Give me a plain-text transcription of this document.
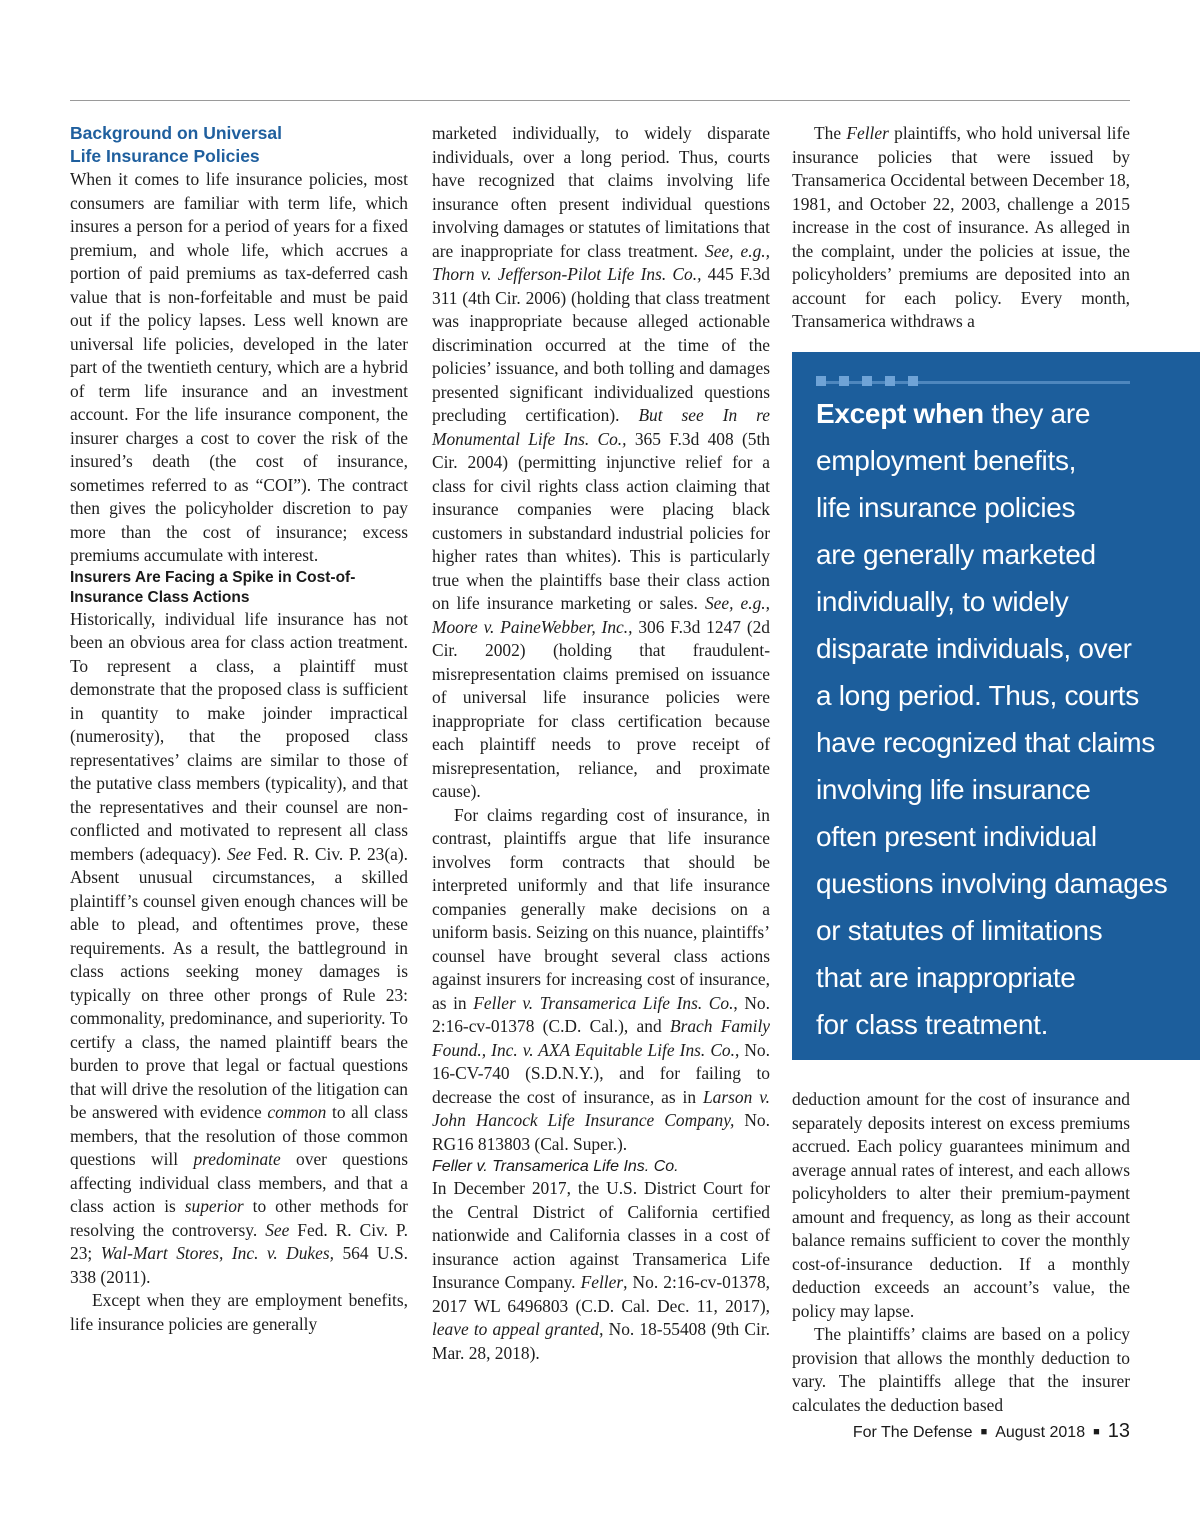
Background on Universal Life Insurance Policies

When it comes to life insurance policies, most consumers are familiar with term life, which insures a person for a period of years for a fixed premium, and whole life, which accrues a portion of paid premiums as tax-deferred cash value that is non-forfeitable and must be paid out if the policy lapses. Less well known are universal life policies, developed in the later part of the twentieth century, which are a hybrid of term life insurance and an investment account. For the life insurance component, the insurer charges a cost to cover the risk of the insured’s death (the cost of insurance, sometimes referred to as “COI”). The contract then gives the policyholder discretion to pay more than the cost of insurance; excess premiums accumulate with interest.

Insurers Are Facing a Spike in Cost-of-Insurance Class Actions

Historically, individual life insurance has not been an obvious area for class action treatment. To represent a class, a plaintiff must demonstrate that the proposed class is sufficient in quantity to make joinder impractical (numerosity), that the proposed class representatives’ claims are similar to those of the putative class members (typicality), and that the representatives and their counsel are non-conflicted and motivated to represent all class members (adequacy). See Fed. R. Civ. P. 23(a). Absent unusual circumstances, a skilled plaintiff’s counsel given enough chances will be able to plead, and oftentimes prove, these requirements. As a result, the battleground in class actions seeking money damages is typically on three other prongs of Rule 23: commonality, predominance, and superiority. To certify a class, the named plaintiff bears the burden to prove that legal or factual questions that will drive the resolution of the litigation can be answered with evidence common to all class members, that the resolution of those common questions will predominate over questions affecting individual class members, and that a class action is superior to other methods for resolving the controversy. See Fed. R. Civ. P. 23; Wal-Mart Stores, Inc. v. Dukes, 564 U.S. 338 (2011).

Except when they are employment benefits, life insurance policies are generally

marketed individually, to widely disparate individuals, over a long period. Thus, courts have recognized that claims involving life insurance often present individual questions involving damages or statutes of limitations that are inappropriate for class treatment. See, e.g., Thorn v. Jefferson-Pilot Life Ins. Co., 445 F.3d 311 (4th Cir. 2006) (holding that class treatment was inappropriate because alleged actionable discrimination occurred at the time of the policies’ issuance, and both tolling and damages presented significant individualized questions precluding certification). But see In re Monumental Life Ins. Co., 365 F.3d 408 (5th Cir. 2004) (permitting injunctive relief for a class for civil rights class action claiming that insurance companies were placing black customers in substandard industrial policies for higher rates than whites). This is particularly true when the plaintiffs base their class action on life insurance marketing or sales. See, e.g., Moore v. PaineWebber, Inc., 306 F.3d 1247 (2d Cir. 2002) (holding that fraudulent-misrepresentation claims premised on issuance of universal life insurance policies were inappropriate for class certification because each plaintiff needs to prove receipt of misrepresentation, reliance, and proximate cause).

For claims regarding cost of insurance, in contrast, plaintiffs argue that life insurance involves form contracts that should be interpreted uniformly and that life insurance companies generally make decisions on a uniform basis. Seizing on this nuance, plaintiffs’ counsel have brought several class actions against insurers for increasing cost of insurance, as in Feller v. Transamerica Life Ins. Co., No. 2:16-cv-01378 (C.D. Cal.), and Brach Family Found., Inc. v. AXA Equitable Life Ins. Co., No. 16-CV-740 (S.D.N.Y.), and for failing to decrease the cost of insurance, as in Larson v. John Hancock Life Insurance Company, No. RG16 813803 (Cal. Super.).

Feller v. Transamerica Life Ins. Co.

In December 2017, the U.S. District Court for the Central District of California certified nationwide and California classes in a cost of insurance action against Transamerica Life Insurance Company. Feller, No. 2:16-cv-01378, 2017 WL 6496803 (C.D. Cal. Dec. 11, 2017), leave to appeal granted, No. 18-55408 (9th Cir. Mar. 28, 2018).

The Feller plaintiffs, who hold universal life insurance policies that were issued by Transamerica Occidental between December 18, 1981, and October 22, 2003, challenge a 2015 increase in the cost of insurance. As alleged in the complaint, under the policies at issue, the policyholders’ premiums are deposited into an account for each policy. Every month, Transamerica withdraws a

Except when they are
employment benefits,
life insurance policies
are generally marketed
individually, to widely
disparate individuals, over
a long period. Thus, courts
have recognized that claims
involving life insurance
often present individual
questions involving damages
or statutes of limitations
that are inappropriate
for class treatment.

deduction amount for the cost of insurance and separately deposits interest on excess premiums accrued. Each policy guarantees minimum and average annual rates of interest, and each allows policyholders to alter their premium-payment amount and frequency, as long as their account balance remains sufficient to cover the monthly cost-of-insurance deduction. If a monthly deduction exceeds an account’s value, the policy may lapse.

The plaintiffs’ claims are based on a policy provision that allows the monthly deduction to vary. The plaintiffs allege that the insurer calculates the deduction based

For The Defense ■ August 2018 ■ 13
